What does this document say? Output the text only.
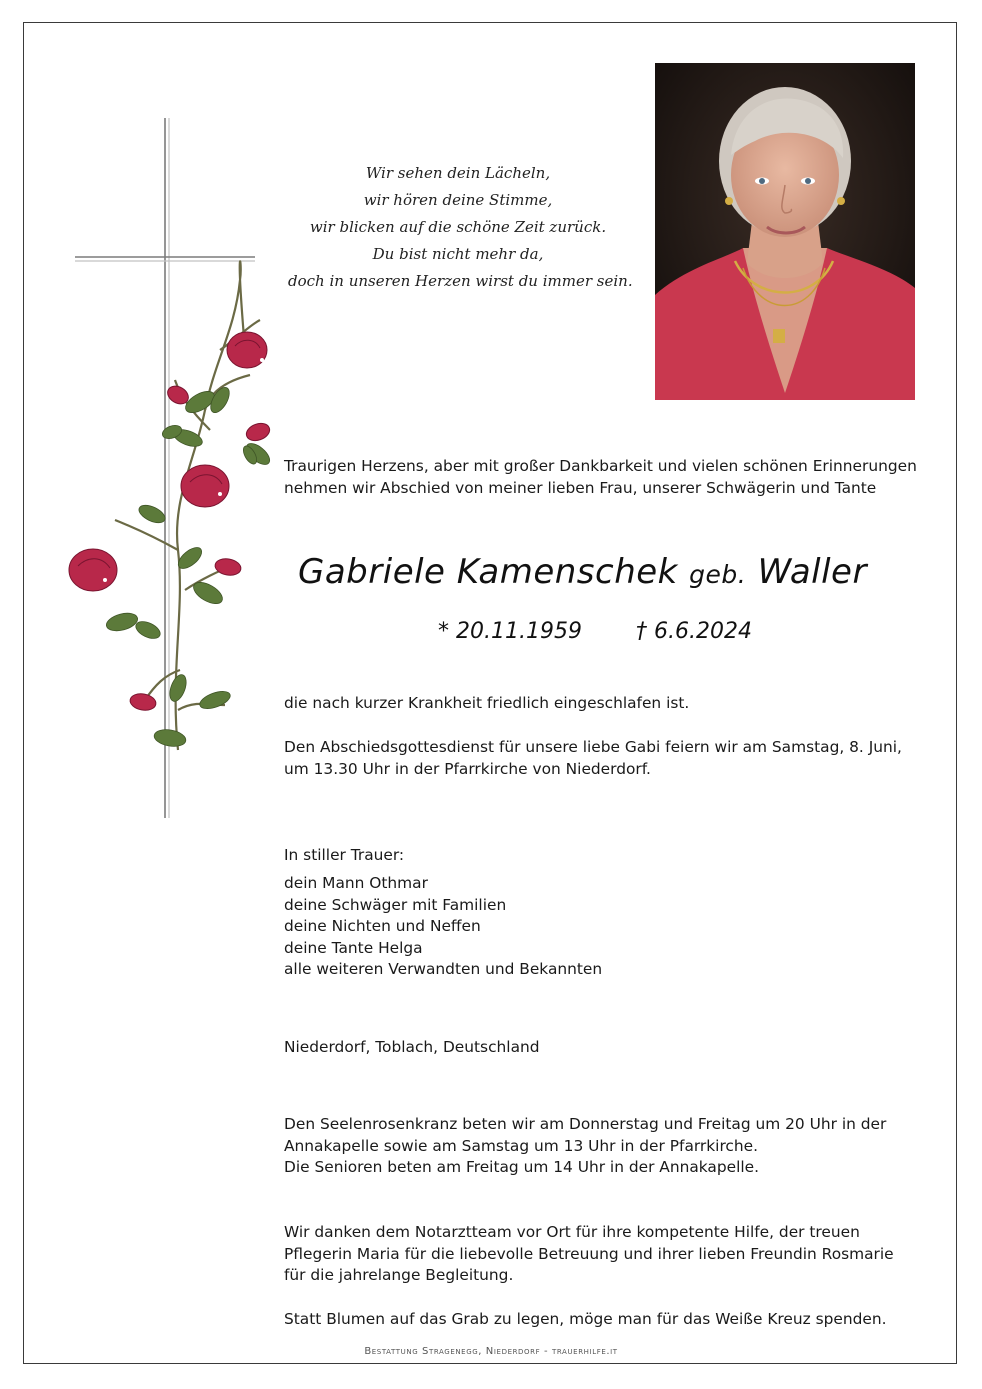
Wir sehen dein Lächeln,
wir hören deine Stimme,
wir blicken auf die schöne Zeit zurück.
Du bist nicht mehr da,
doch in unseren Herzen wirst du immer sein.
Traurigen Herzens, aber mit großer Dankbarkeit und vielen schönen Erinnerungen
nehmen wir Abschied von meiner lieben Frau, unserer Schwägerin und Tante
Gabriele Kamenschek geb. Waller
* 20.11.1959 † 6.6.2024
die nach kurzer Krankheit friedlich eingeschlafen ist.
Den Abschiedsgottesdienst für unsere liebe Gabi feiern wir am Samstag, 8. Juni,
um 13.30 Uhr in der Pfarrkirche von Niederdorf.
In stiller Trauer:
dein Mann Othmar
deine Schwäger mit Familien
deine Nichten und Neffen
deine Tante Helga
alle weiteren Verwandten und Bekannten
Niederdorf, Toblach, Deutschland
Den Seelenrosenkranz beten wir am Donnerstag und Freitag um 20 Uhr in der
Annakapelle sowie am Samstag um 13 Uhr in der Pfarrkirche.
Die Senioren beten am Freitag um 14 Uhr in der Annakapelle.
Wir danken dem Notarztteam vor Ort für ihre kompetente Hilfe, der treuen
Pflegerin Maria für die liebevolle Betreuung und ihrer lieben Freundin Rosmarie
für die jahrelange Begleitung.
Statt Blumen auf das Grab zu legen, möge man für das Weiße Kreuz spenden.
Bestattung Stragenegg, Niederdorf - trauerhilfe.it
